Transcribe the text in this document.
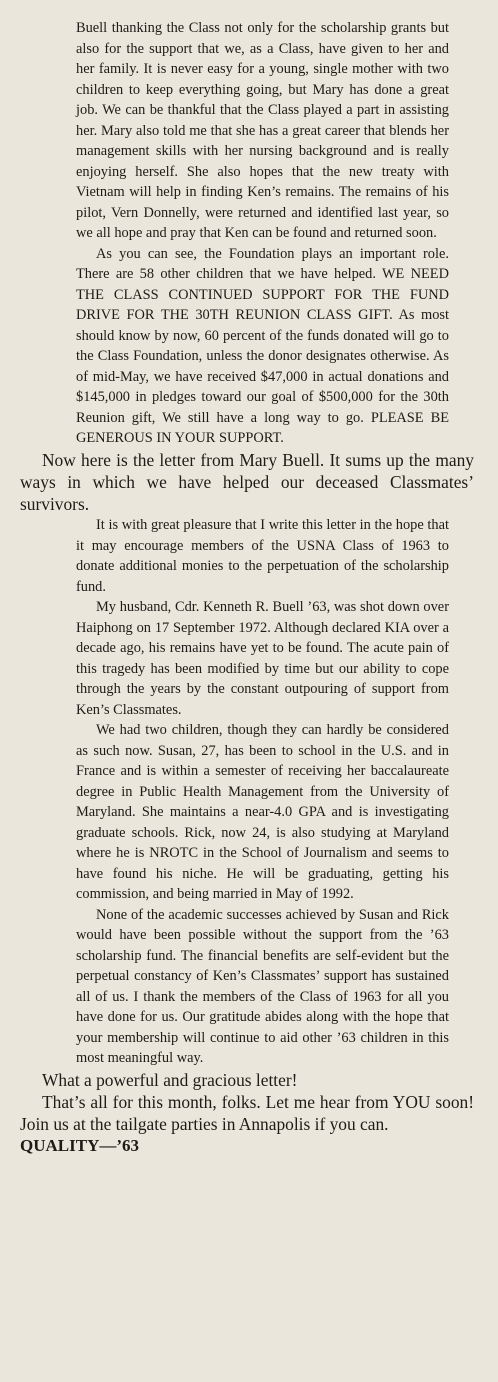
Buell thanking the Class not only for the scholarship grants but also for the support that we, as a Class, have given to her and her family. It is never easy for a young, single mother with two children to keep everything going, but Mary has done a great job. We can be thankful that the Class played a part in assisting her. Mary also told me that she has a great career that blends her management skills with her nursing background and is really enjoying herself. She also hopes that the new treaty with Vietnam will help in finding Ken’s remains. The remains of his pilot, Vern Donnelly, were returned and identified last year, so we all hope and pray that Ken can be found and returned soon.

As you can see, the Foundation plays an important role. There are 58 other children that we have helped. WE NEED THE CLASS CONTINUED SUPPORT FOR THE FUND DRIVE FOR THE 30TH REUNION CLASS GIFT. As most should know by now, 60 percent of the funds donated will go to the Class Foundation, unless the donor designates otherwise. As of mid-May, we have received $47,000 in actual donations and $145,000 in pledges toward our goal of $500,000 for the 30th Reunion gift, We still have a long way to go. PLEASE BE GENEROUS IN YOUR SUPPORT.

Now here is the letter from Mary Buell. It sums up the many ways in which we have helped our deceased Classmates’ survivors.

It is with great pleasure that I write this letter in the hope that it may encourage members of the USNA Class of 1963 to donate additional monies to the perpetuation of the scholarship fund.

My husband, Cdr. Kenneth R. Buell ’63, was shot down over Haiphong on 17 September 1972. Although declared KIA over a decade ago, his remains have yet to be found. The acute pain of this tragedy has been modified by time but our ability to cope through the years by the constant outpouring of support from Ken’s Classmates.

We had two children, though they can hardly be considered as such now. Susan, 27, has been to school in the U.S. and in France and is within a semester of receiving her baccalaureate degree in Public Health Management from the University of Maryland. She maintains a near-4.0 GPA and is investigating graduate schools. Rick, now 24, is also studying at Maryland where he is NROTC in the School of Journalism and seems to have found his niche. He will be graduating, getting his commission, and being married in May of 1992.

None of the academic successes achieved by Susan and Rick would have been possible without the support from the ’63 scholarship fund. The financial benefits are self-evident but the perpetual constancy of Ken’s Classmates’ support has sustained all of us. I thank the members of the Class of 1963 for all you have done for us. Our gratitude abides along with the hope that your membership will continue to aid other ’63 children in this most meaningful way.

What a powerful and gracious letter!

That’s all for this month, folks. Let me hear from YOU soon! Join us at the tailgate parties in Annapolis if you can.

QUALITY—’63
